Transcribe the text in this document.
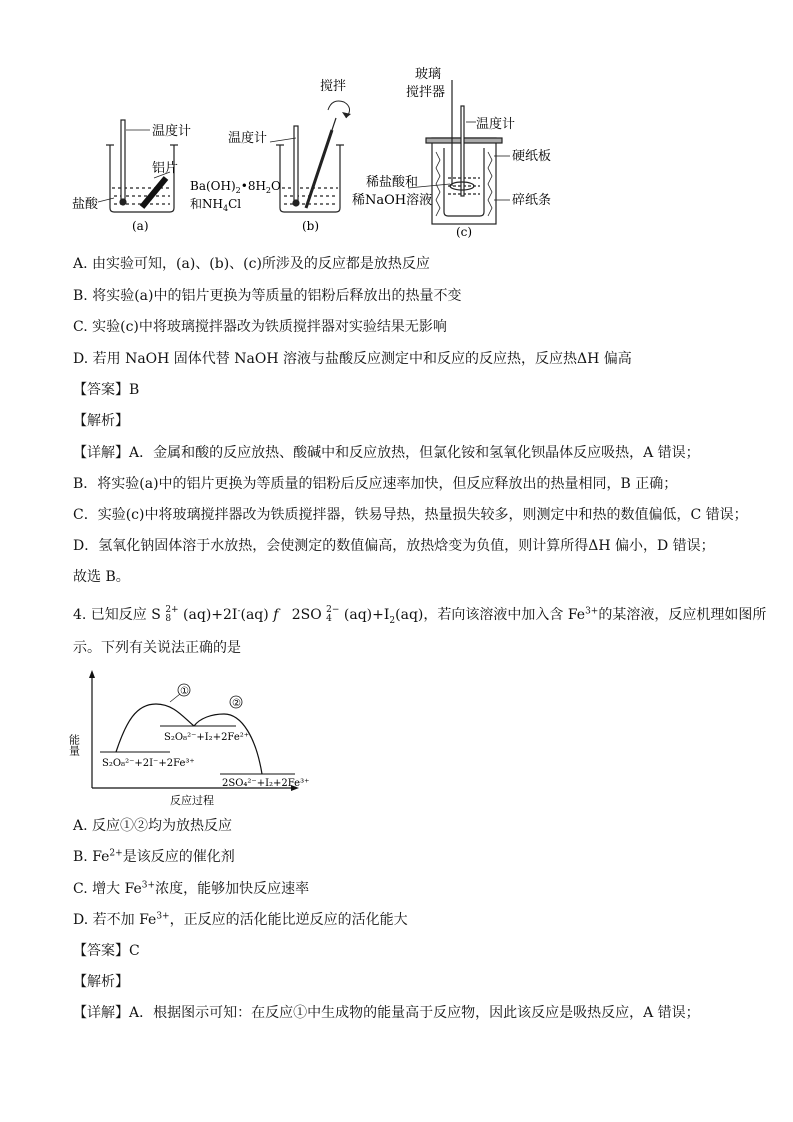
温度计
铝片
盐酸
(a)
搅拌
温度计
$Ba(OH)_2•8H_2O$
和$NH_4Cl$
(b)
玻璃
搅拌器
温度计
硬纸板
稀盐酸和
稀NaOH溶液	碎纸条
(c)
A. 由实验可知，(a)、(b)、(c)所涉及的反应都是放热反应
B. 将实验(a)中的铝片更换为等质量的铝粉后释放出的热量不变
C. 实验(c)中将玻璃搅拌器改为铁质搅拌器对实验结果无影响
D. 若用 NaOH 固体代替 NaOH 溶液与盐酸反应测定中和反应的反应热，反应热ΔH 偏高
【答案】B
【解析】
【详解】A．金属和酸的反应放热、酸碱中和反应放热，但氯化铵和氢氧化钡晶体反应吸热，A 错误；
B．将实验(a)中的铝片更换为等质量的铝粉后反应速率加快，但反应释放出的热量相同，B 正确；
C．实验(c)中将玻璃搅拌器改为铁质搅拌器，铁易导热，热量损失较多，则测定中和热的数值偏低，C 错误；
D．氢氧化钠固体溶于水放热，会使测定的数值偏高，放热焓变为负值，则计算所得ΔH 偏小，D 错误；
故选 B。
4. 已知反应 S 2+
8 (aq)+2I-(aq) f 2SO 2−
4 $(aq)+I_2(aq)$，若向该溶液中加入含 $Fe^{3+}$的某溶液，反应机理如图所
示。下列有关说法正确的是
能量
反应过程
①
②
S₂O₈²⁻+2I⁻+2Fe³⁺
S₂O₈²⁻+I₂+2Fe²⁺
2SO₄²⁻+I₂+2Fe³⁺
A. 反应①②均为放热反应
B. $Fe^{2+}$是该反应的催化剂
C. 增大 $Fe^{3+}$浓度，能够加快反应速率
D. 若不加 $Fe^{3+}$，正反应的活化能比逆反应的活化能大
【答案】C
【解析】
【详解】A．根据图示可知：在反应①中生成物的能量高于反应物，因此该反应是吸热反应，A 错误；
